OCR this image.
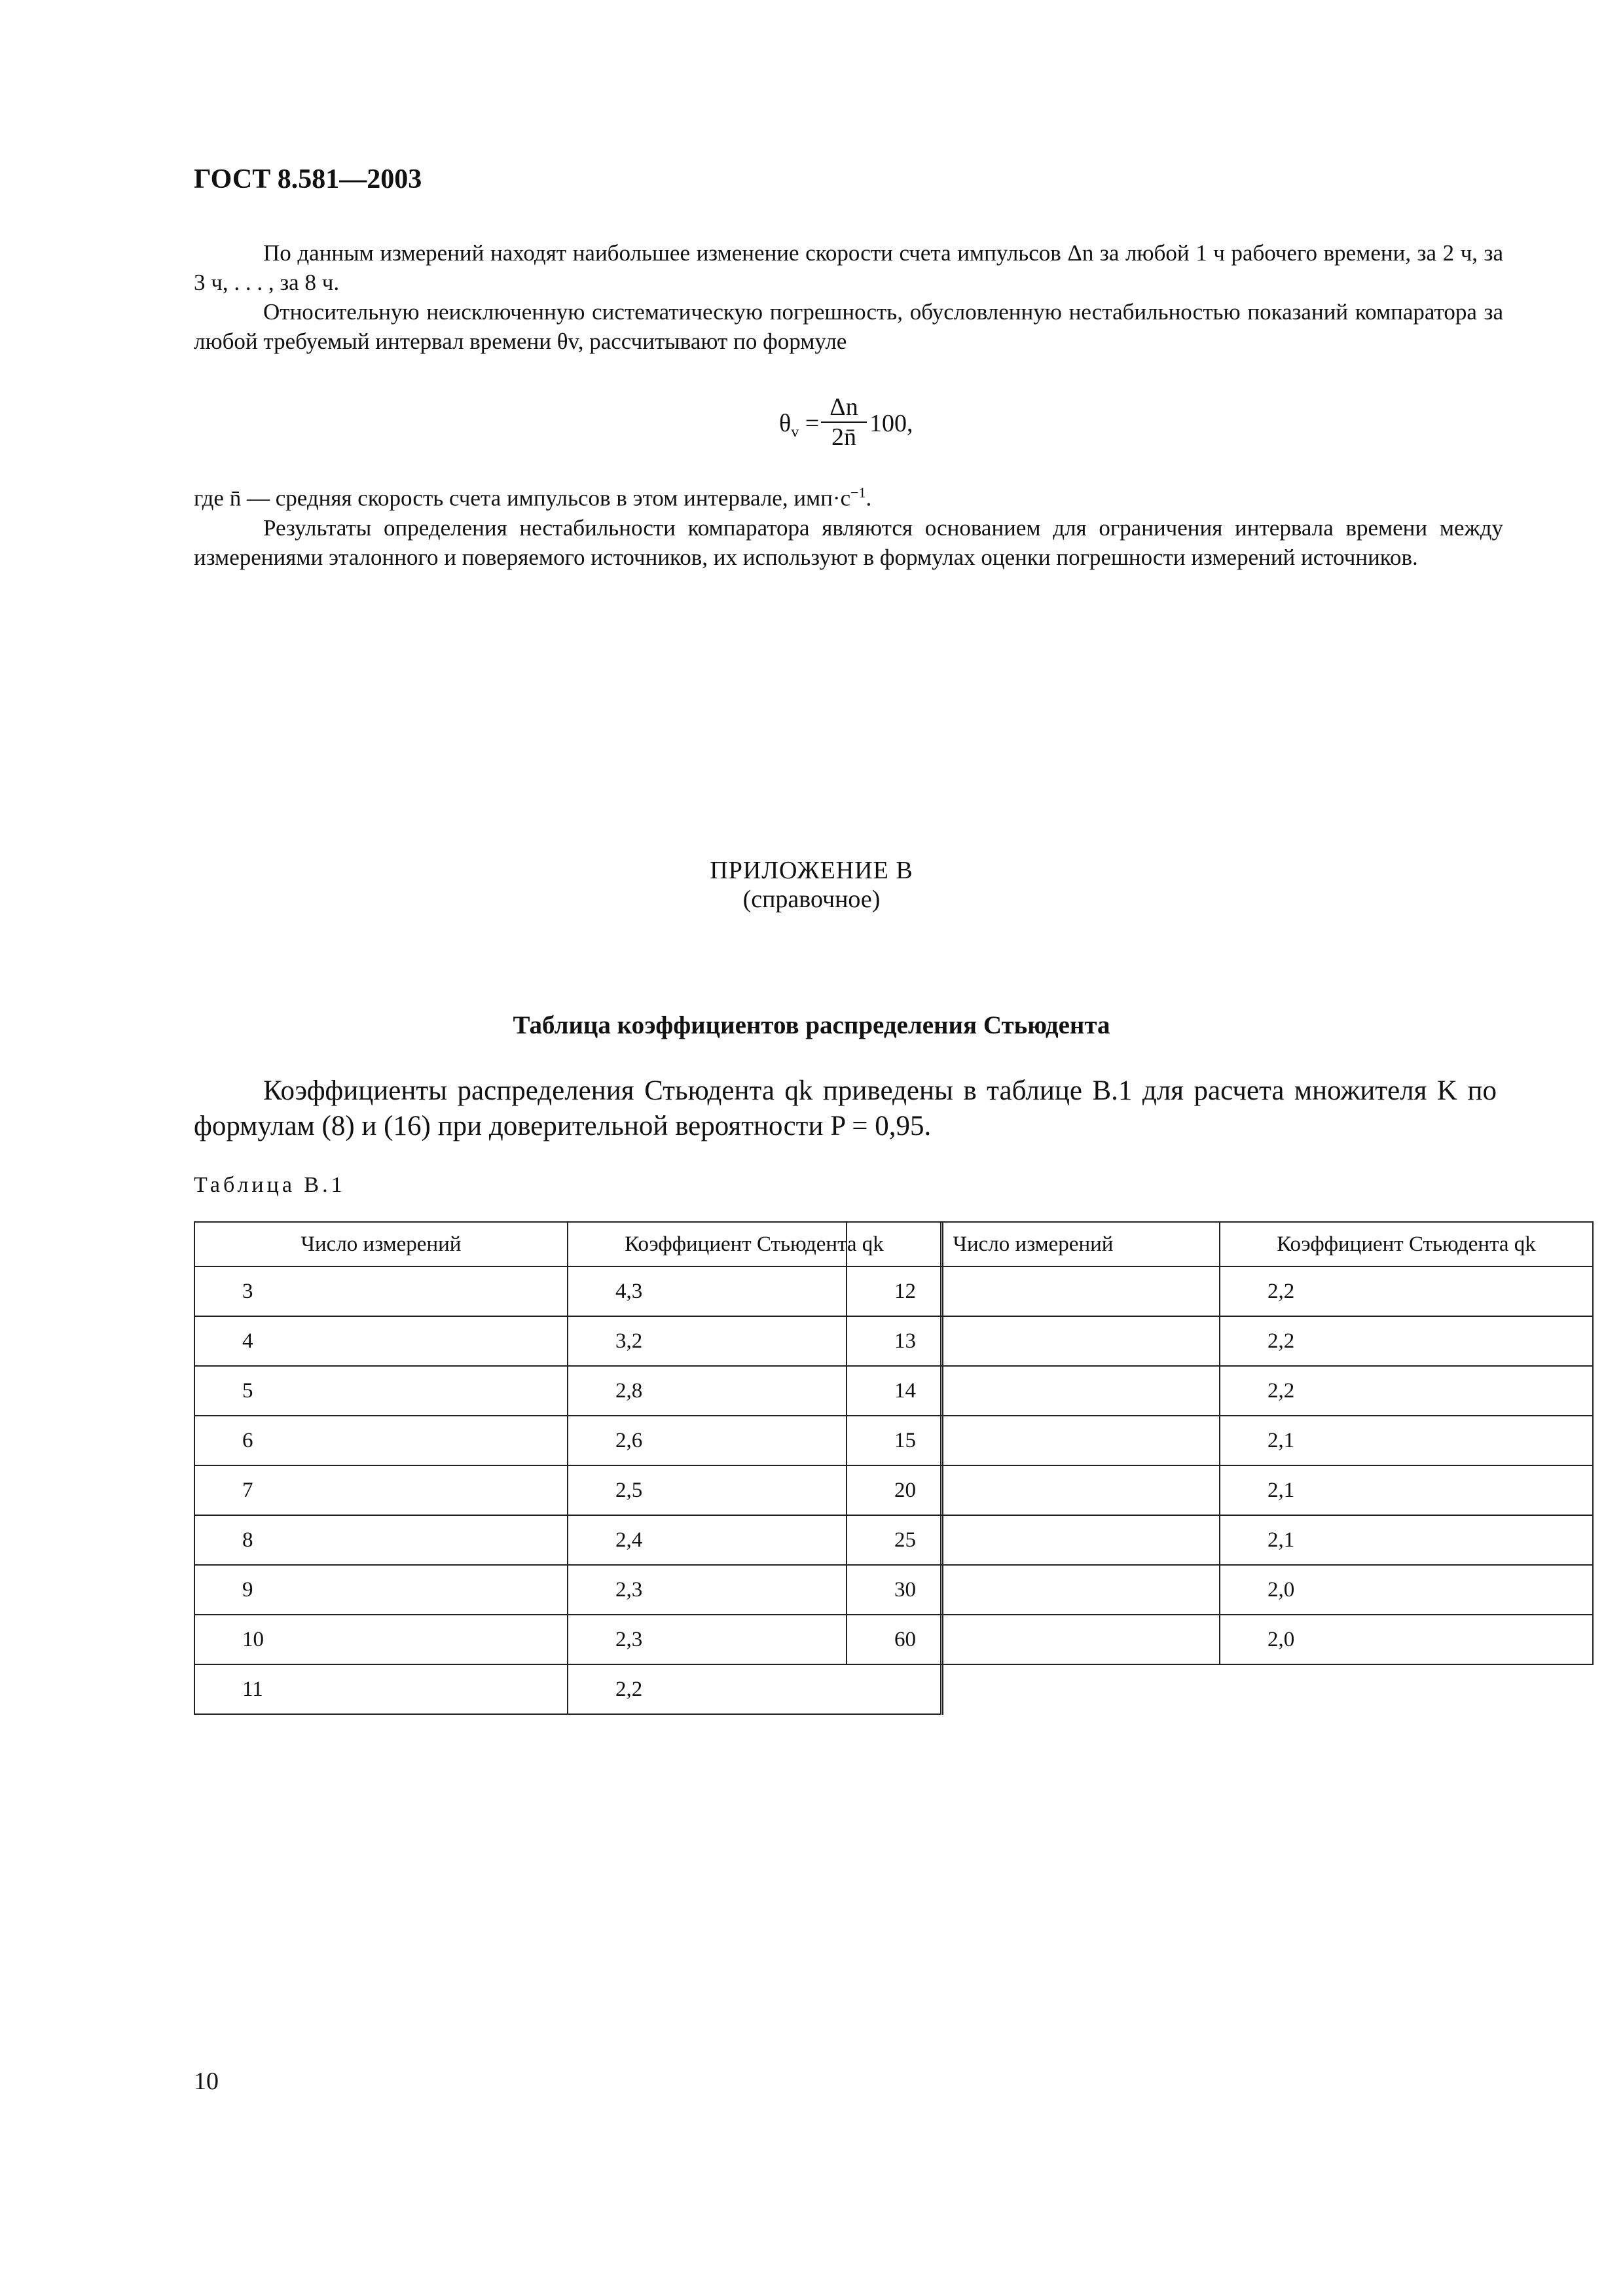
ГОСТ 8.581—2003
По данным измерений находят наибольшее изменение скорости счета импульсов Δn за любой 1 ч рабочего времени, за 2 ч, за 3 ч, . . . , за 8 ч.
Относительную неисключенную систематическую погрешность, обусловленную нестабильностью показаний компаратора за любой требуемый интервал времени θv, рассчитывают по формуле
$\theta_v$ =
Δn
2n̄ 100,
где n̄ — средняя скорость счета импульсов в этом интервале, $имп\cdot с^{-1}$.
Результаты определения нестабильности компаратора являются основанием для ограничения интервала времени между измерениями эталонного и поверяемого источников, их используют в формулах оценки погрешности измерений источников.
ПРИЛОЖЕНИЕ В
(справочное)
Таблица коэффициентов распределения Стьюдента
Коэффициенты распределения Стьюдента qk приведены в таблице В.1 для расчета множителя K по формулам (8) и (16) при доверительной вероятности P = 0,95.
Таблица В.1
Число измерений	Коэффициент Стьюдента qk
3	4,3
4	3,2
5	2,8
6	2,6
7	2,5
8	2,4
9	2,3
10	2,3
11	2,2
Число измерений	Коэффициент Стьюдента qk
12	2,2
13	2,2
14	2,2
15	2,1
20	2,1
25	2,1
30	2,0
60	2,0
10
